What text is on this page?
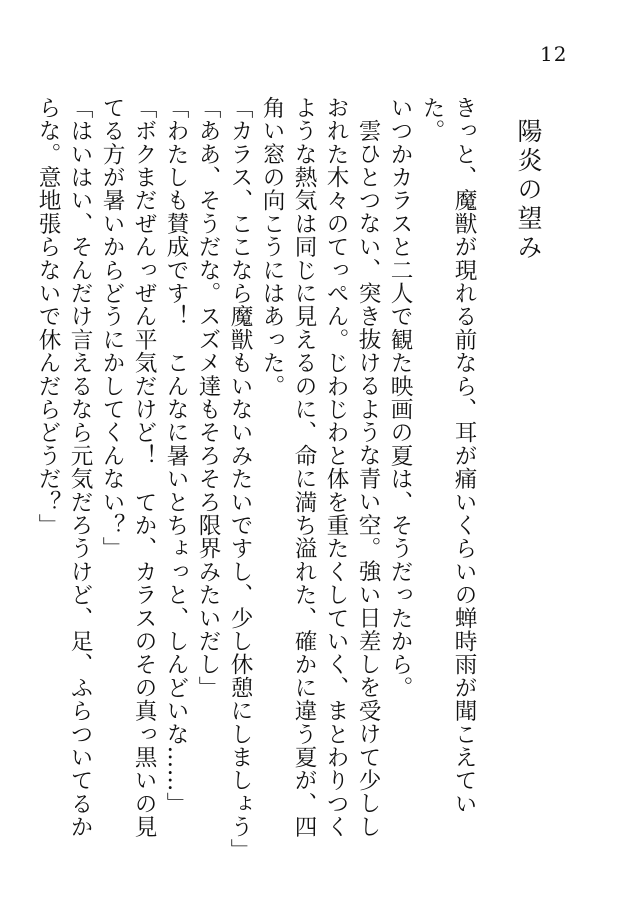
12
陽炎の望み

きっと、魔獣が現れる前なら、耳が痛いくらいの蝉時雨が聞こえていた。

いつかカラスと二人で観た映画の夏は、そうだったから。

雲ひとつない、突き抜けるような青い空。強い日差しを受けて少ししおれた木々のてっぺん。じわじわと体を重たくしていく、まとわりつくような熱気は同じに見えるのに、命に満ち溢れた、確かに違う夏が、四角い窓の向こうにはあった。

「カラス、ここなら魔獣もいないみたいですし、少し休憩にしましょう」

「ああ、そうだな。スズメ達もそろそろ限界みたいだし」

「わたしも賛成です！　こんなに暑いとちょっと、しんどいな……」

「ボクまだぜんっぜん平気だけど！　てか、カラスのその真っ黒いの見てる方が暑いからどうにかしてくんない？」

「はいはい、そんだけ言えるなら元気だろうけど、足、ふらついてるからな。意地張らないで休んだらどうだ？」
